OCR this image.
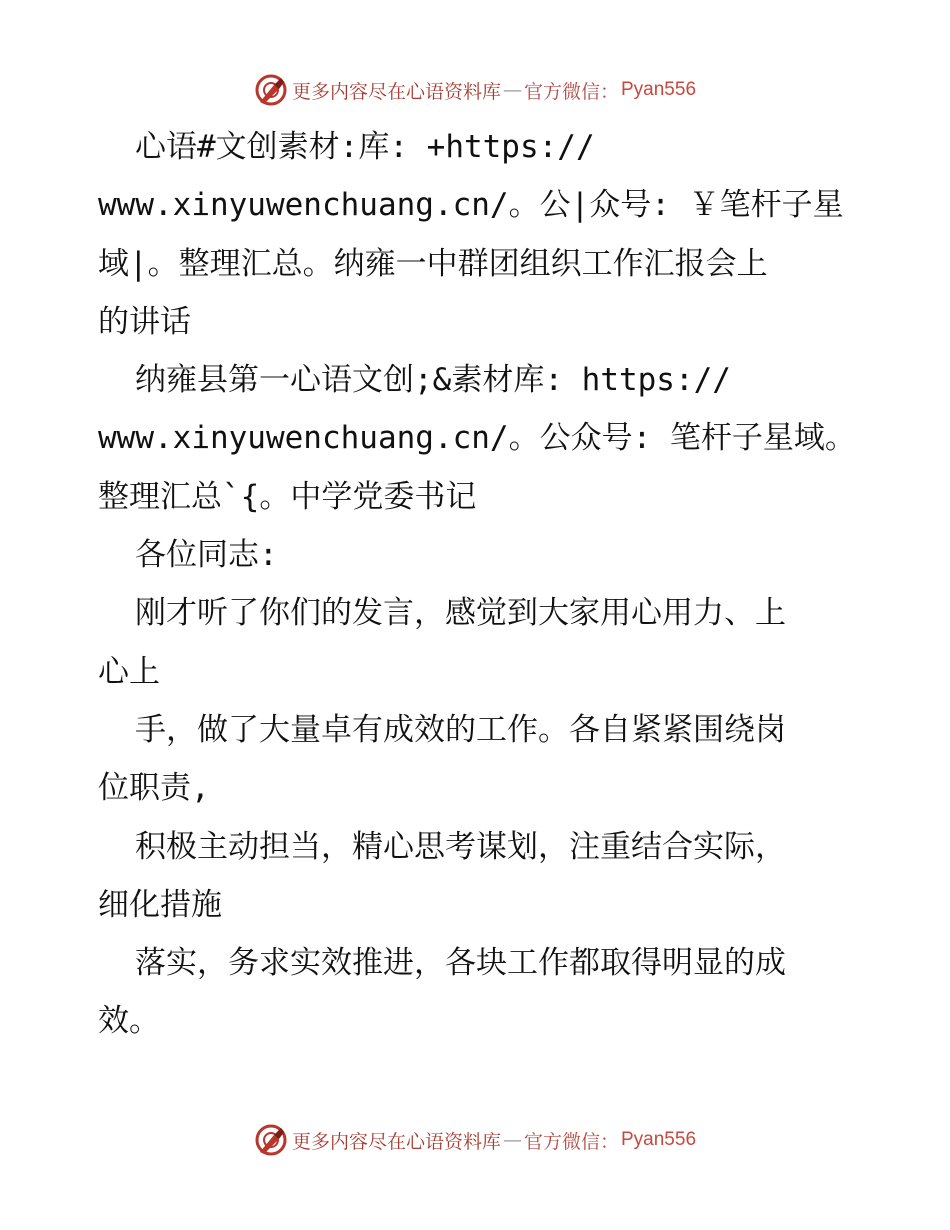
更多内容尽在心语资料库 — 官方微信： Pyan556
心语#文创素材:库: +https://
www.xinyuwenchuang.cn/。公|众号: ￥笔杆子星
域|。整理汇总。纳雍一中群团组织工作汇报会上
的讲话
纳雍县第一心语文创;&素材库: https://
www.xinyuwenchuang.cn/。公众号: 笔杆子星域。
整理汇总`{。中学党委书记
各位同志:
刚才听了你们的发言，感觉到大家用心用力、上
心上
手，做了大量卓有成效的工作。各自紧紧围绕岗
位职责,
积极主动担当，精心思考谋划，注重结合实际，
细化措施
落实，务求实效推进，各块工作都取得明显的成
效。
更多内容尽在心语资料库 — 官方微信： Pyan556
